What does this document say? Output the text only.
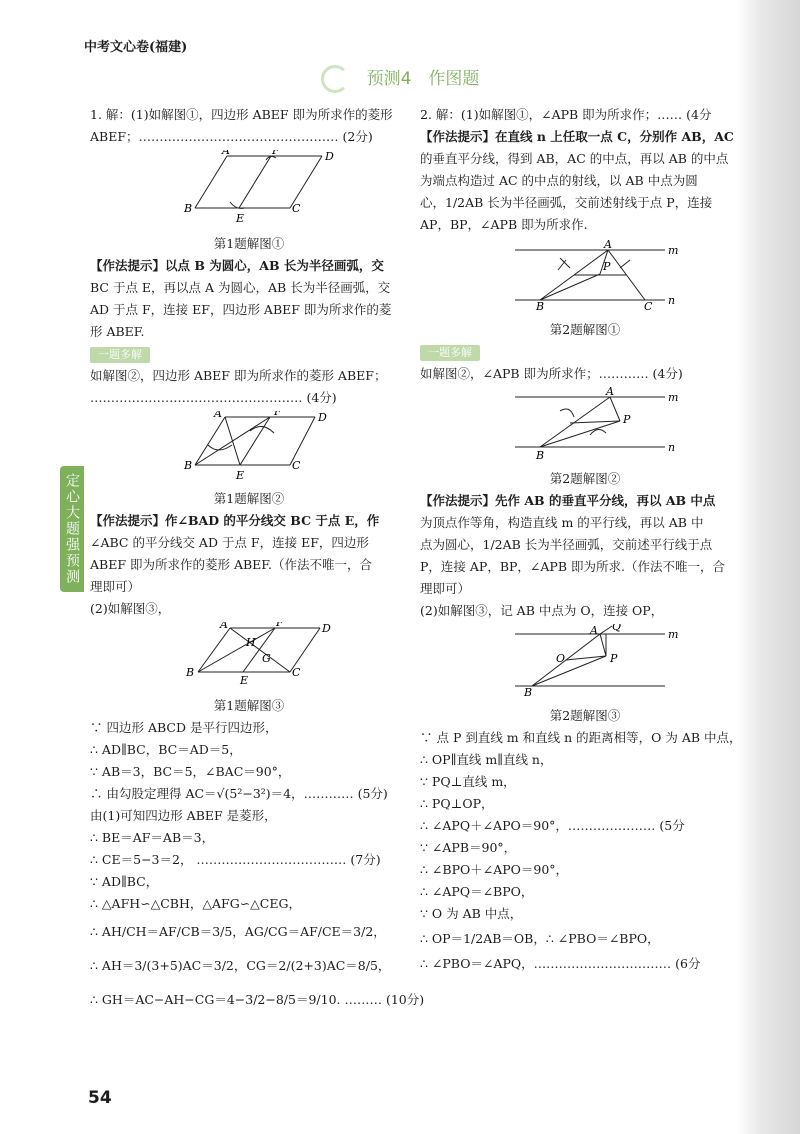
中考文心卷(福建)
预测4　作图题
定心大题强预测
54

1. 解：(1)如解图①，四边形 ABEF 即为所求作的菱形

ABEF；………………………………………… (2分)

A	F	D
B
E
C

第1题解图①

【作法提示】以点 B 为圆心，AB 长为半径画弧，交

BC 于点 E，再以点 A 为圆心，AB 长为半径画弧，交

AD 于点 F，连接 EF，四边形 ABEF 即为所求作的菱

形 ABEF.

一题多解

如解图②，四边形 ABEF 即为所求作的菱形 ABEF；

…………………………………………… (4分)

A	F	D
B
E
C

第1题解图②

【作法提示】作∠BAD 的平分线交 BC 于点 E，作

∠ABC 的平分线交 AD 于点 F，连接 EF，四边形

ABEF 即为所求作的菱形 ABEF.（作法不唯一，合

理即可）

(2)如解图③，

A	F	D
H
G
B
E
C

第1题解图③

∵ 四边形 ABCD 是平行四边形，

∴ AD∥BC，BC＝AD＝5，

∵ AB＝3，BC＝5，∠BAC＝90°，

∴ 由勾股定理得 AC＝√(5²−3²)＝4，………… (5分)

由(1)可知四边形 ABEF 是菱形，

∴ BE＝AF＝AB＝3，

∴ CE＝5−3＝2， ……………………………… (7分)

∵ AD∥BC，

∴ △AFH∽△CBH，△AFG∽△CEG，

∴ AH/CH＝AF/CB＝3/5，AG/CG＝AF/CE＝3/2，

∴ AH＝3/(3+5)AC＝3/2，CG＝2/(2+3)AC＝8/5，

∴ GH＝AC−AH−CG＝4−3/2−8/5＝9/10. ……… (10分)

2. 解：(1)如解图①，∠APB 即为所求作；…… (4分

【作法提示】在直线 n 上任取一点 C，分别作 AB，AC

的垂直平分线，得到 AB，AC 的中点，再以 AB 的中点

为端点构造过 AC 的中点的射线，以 AB 中点为圆

心，1/2AB 长为半径画弧，交前述射线于点 P，连接

AP，BP，∠APB 即为所求作.

A	m
P
n
B	C

第2题解图①

一题多解

如解图②，∠APB 即为所求作；………… (4分)

A	m
P
n
B

第2题解图②

【作法提示】先作 AB 的垂直平分线，再以 AB 中点

为顶点作等角，构造直线 m 的平行线，再以 AB 中

点为圆心，1/2AB 长为半径画弧，交前述平行线于点

P，连接 AP，BP，∠APB 即为所求.（作法不唯一，合

理即可）

(2)如解图③，记 AB 中点为 O，连接 OP，

A Q
m
O	P
B

第2题解图③

∵ 点 P 到直线 m 和直线 n 的距离相等，O 为 AB 中点，

∴ OP∥直线 m∥直线 n，

∵ PQ⊥直线 m，

∴ PQ⊥OP，

∴ ∠APQ＋∠APO＝90°，………………… (5分

∵ ∠APB＝90°，

∴ ∠BPO＋∠APO＝90°，

∴ ∠APQ＝∠BPO，

∵ O 为 AB 中点，

∴ OP＝1/2AB＝OB，∴ ∠PBO＝∠BPO，

∴ ∠PBO＝∠APQ，…………………………… (6分
